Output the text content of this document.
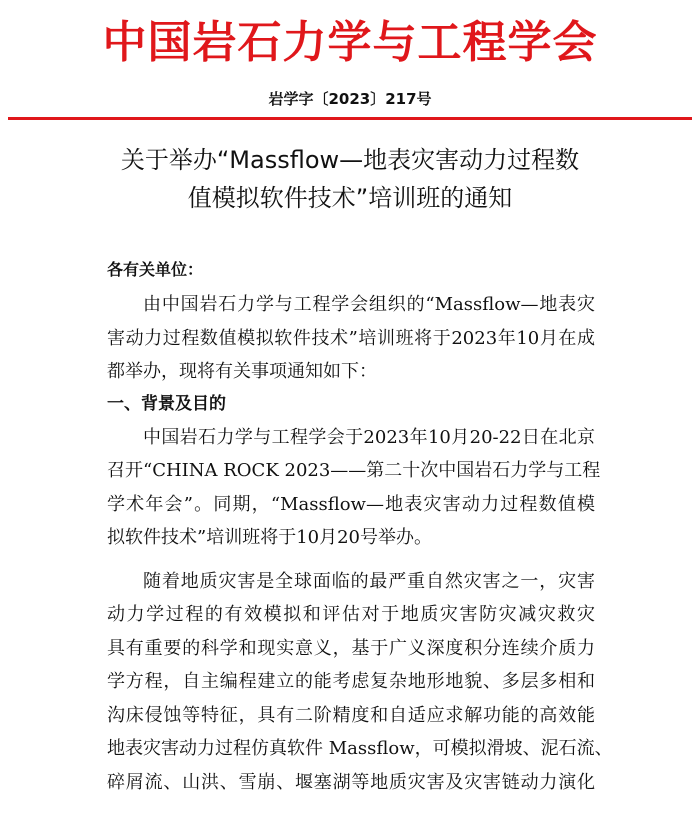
中国岩石力学与工程学会
岩学字〔2023〕217号
关于举办“Massflow—地表灾害动力过程数
值模拟软件技术”培训班的通知
各有关单位：
由中国岩石力学与工程学会组织的“Massflow—地表灾
害动力过程数值模拟软件技术”培训班将于2023年10月在成
都举办，现将有关事项通知如下：
一、背景及目的
中国岩石力学与工程学会于2023年10月20-22日在北京
召开“CHINA ROCK 2023——第二十次中国岩石力学与工程
学术年会”。同期，“Massflow—地表灾害动力过程数值模
拟软件技术”培训班将于10月20号举办。
随着地质灾害是全球面临的最严重自然灾害之一，灾害
动力学过程的有效模拟和评估对于地质灾害防灾减灾救灾
具有重要的科学和现实意义，基于广义深度积分连续介质力
学方程，自主编程建立的能考虑复杂地形地貌、多层多相和
沟床侵蚀等特征，具有二阶精度和自适应求解功能的高效能
地表灾害动力过程仿真软件 Massflow，可模拟滑坡、泥石流、
碎屑流、山洪、雪崩、堰塞湖等地质灾害及灾害链动力演化
